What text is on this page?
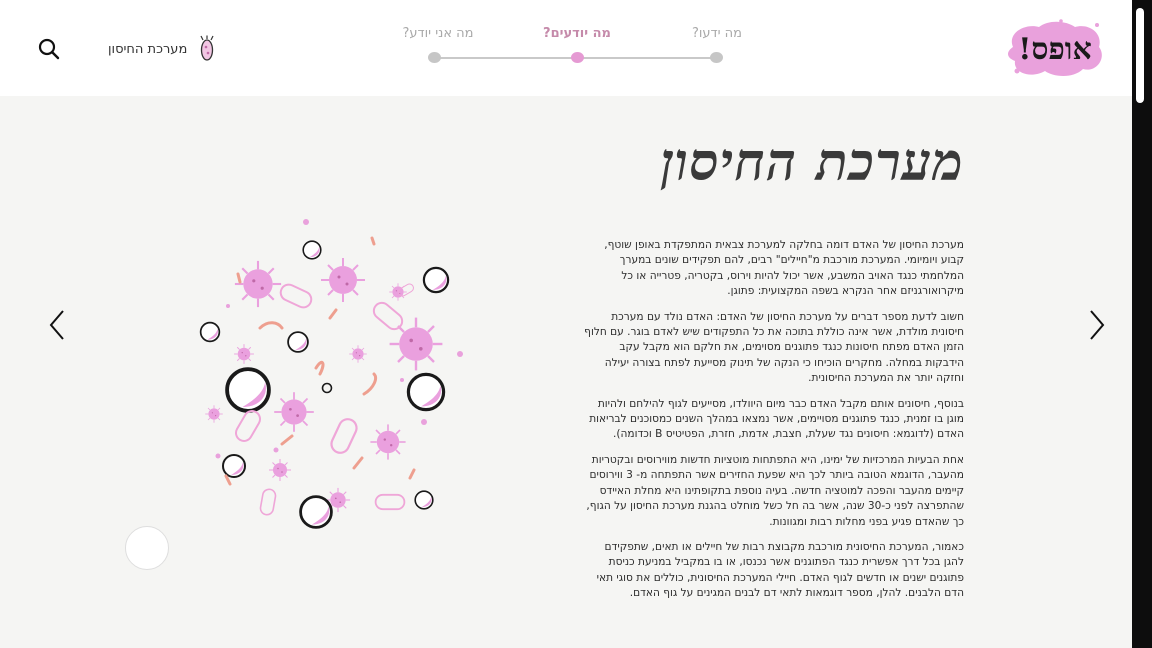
מערכת החיסון
מה אני יודע?	מה יודעים?	מה ידעו?	אופס!
מערכת החיסון

מערכת החיסון של האדם דומה בחלקה למערכת צבאית המתפקדת באופן שוטף, קבוע ויומיומי. המערכת מורכבת מ"חיילים" רבים, להם תפקידים שונים במערך המלחמתי כנגד האויב המשבע, אשר יכול להיות וירוס, בקטריה, פטרייה או כל מיקרואורגניזם אחר הנקרא בשפה המקצועית: פתוגן.

חשוב לדעת מספר דברים על מערכת החיסון של האדם: האדם נולד עם מערכת חיסונית מולדת, אשר אינה כוללת בתוכה את כל התפקודים שיש לאדם בוגר. עם חלוף הזמן האדם מפתח חיסונות כנגד פתוגנים מסוימים, את חלקם הוא מקבל עקב הידבקות במחלה. מחקרים הוכיחו כי הנקה של תינוק מסייעת לפתח בצורה יעילה וחזקה יותר את המערכת החיסונית.

בנוסף, חיסונים אותם מקבל האדם כבר מיום היוולדו, מסייעים לגוף להילחם ולהיות מוגן בו זמנית, כנגד פתוגנים מסויימים, אשר נמצאו במהלך השנים כמסוכנים לבריאות האדם (לדוגמא: חיסונים נגד שעלת, חצבת, אדמת, חזרת, הפטיטיס B וכדומה).

אחת הבעיות המרכזיות של ימינו, היא התפתחות מוטציות חדשות מווירוסים ובקטריות מהעבר, הדוגמא הטובה ביותר לכך היא שפעת החזירים אשר התפתחה מ- 3 ווירוסים קיימים מהעבר והפכה למוטציה חדשה. בעיה נוספת בתקופתינו היא מחלת האיידס שהתפרצה לפני כ-30 שנה, אשר בה חל כשל מוחלט בהגנת מערכת החיסון על הגוף, כך שהאדם פגיע בפני מחלות רבות ומגוונות.

כאמור, המערכת החיסונית מורכבת מקבוצת רבות של חיילים או תאים, שתפקידם להגן בכל דרך אפשרית כנגד הפתוגנים אשר נכנסו, או בו במקביל במניעת כניסת פתוגנים ישנים או חדשים לגוף האדם. חיילי המערכת החיסונית, כוללים את סוגי תאי הדם הלבנים. להלן, מספר דוגמאות לתאי דם לבנים המגינים על גוף האדם.
